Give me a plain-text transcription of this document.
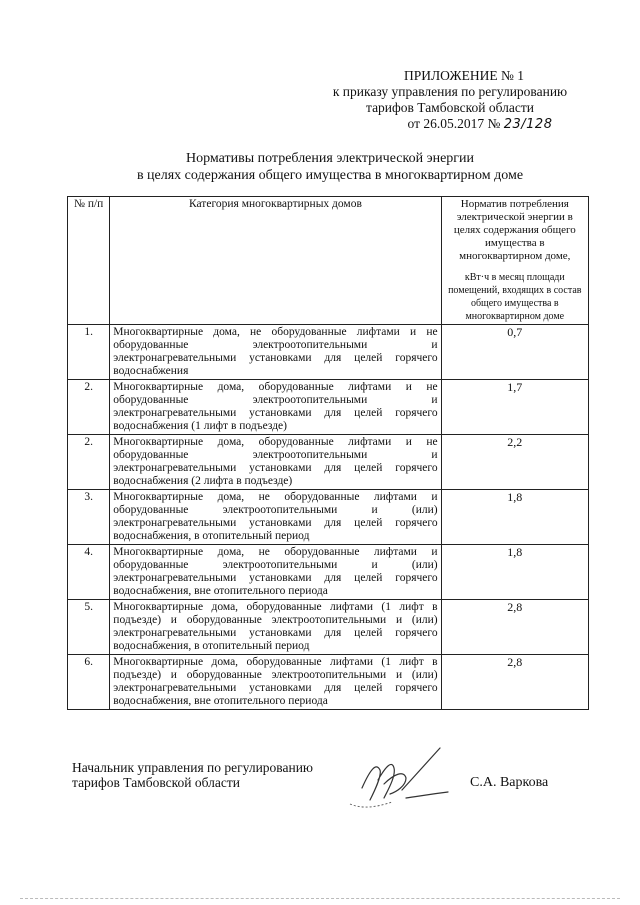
ПРИЛОЖЕНИЕ № 1
к приказу управления по регулированию
тарифов Тамбовской области
от 26.05.2017 № 23/128
Нормативы потребления электрической энергии
в целях содержания общего имущества в многоквартирном доме
№ п/п	Категория многоквартирных домов	Норматив потребления электрической энергии в целях содержания общего имущества в многоквартирном доме,
кВт·ч в месяц площади помещений, входящих в состав общего имущества в многоквартирном доме

1.	Многоквартирные дома, не оборудованные лифтами и не оборудованные электроотопительными и электронагревательными установками для целей горячего водоснабжения	0,7
2.	Многоквартирные дома, оборудованные лифтами и не оборудованные электроотопительными и электронагревательными установками для целей горячего водоснабжения (1 лифт в подъезде)	1,7
2.	Многоквартирные дома, оборудованные лифтами и не оборудованные электроотопительными и электронагревательными установками для целей горячего водоснабжения (2 лифта в подъезде)	2,2
3.	Многоквартирные дома, не оборудованные лифтами и оборудованные электроотопительными и (или) электронагревательными установками для целей горячего водоснабжения, в отопительный период	1,8
4.	Многоквартирные дома, не оборудованные лифтами и оборудованные электроотопительными и (или) электронагревательными установками для целей горячего водоснабжения, вне отопительного периода	1,8
5.	Многоквартирные дома, оборудованные лифтами (1 лифт в подъезде) и оборудованные электроотопительными и (или) электронагревательными установками для целей горячего водоснабжения, в отопительный период	2,8
6.	Многоквартирные дома, оборудованные лифтами (1 лифт в подъезде) и оборудованные электроотопительными и (или) электронагревательными установками для целей горячего водоснабжения, вне отопительного периода	2,8
Начальник управления по регулированию
тарифов Тамбовской области	С.А. Варкова
